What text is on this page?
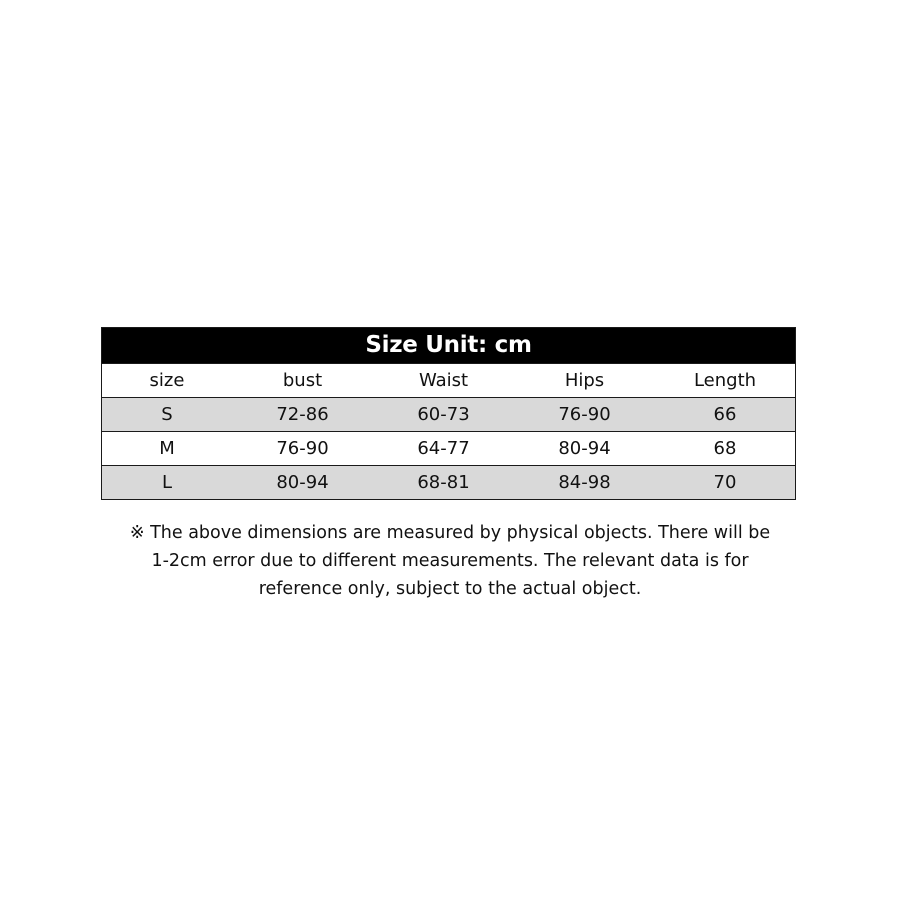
Size Unit: cm
size	bust	Waist	Hips	Length
S	72-86	60-73	76-90	66
M	76-90	64-77	80-94	68
L	80-94	68-81	84-98	70
※ The above dimensions are measured by physical objects. There will be
1-2cm error due to different measurements. The relevant data is for
reference only, subject to the actual object.
